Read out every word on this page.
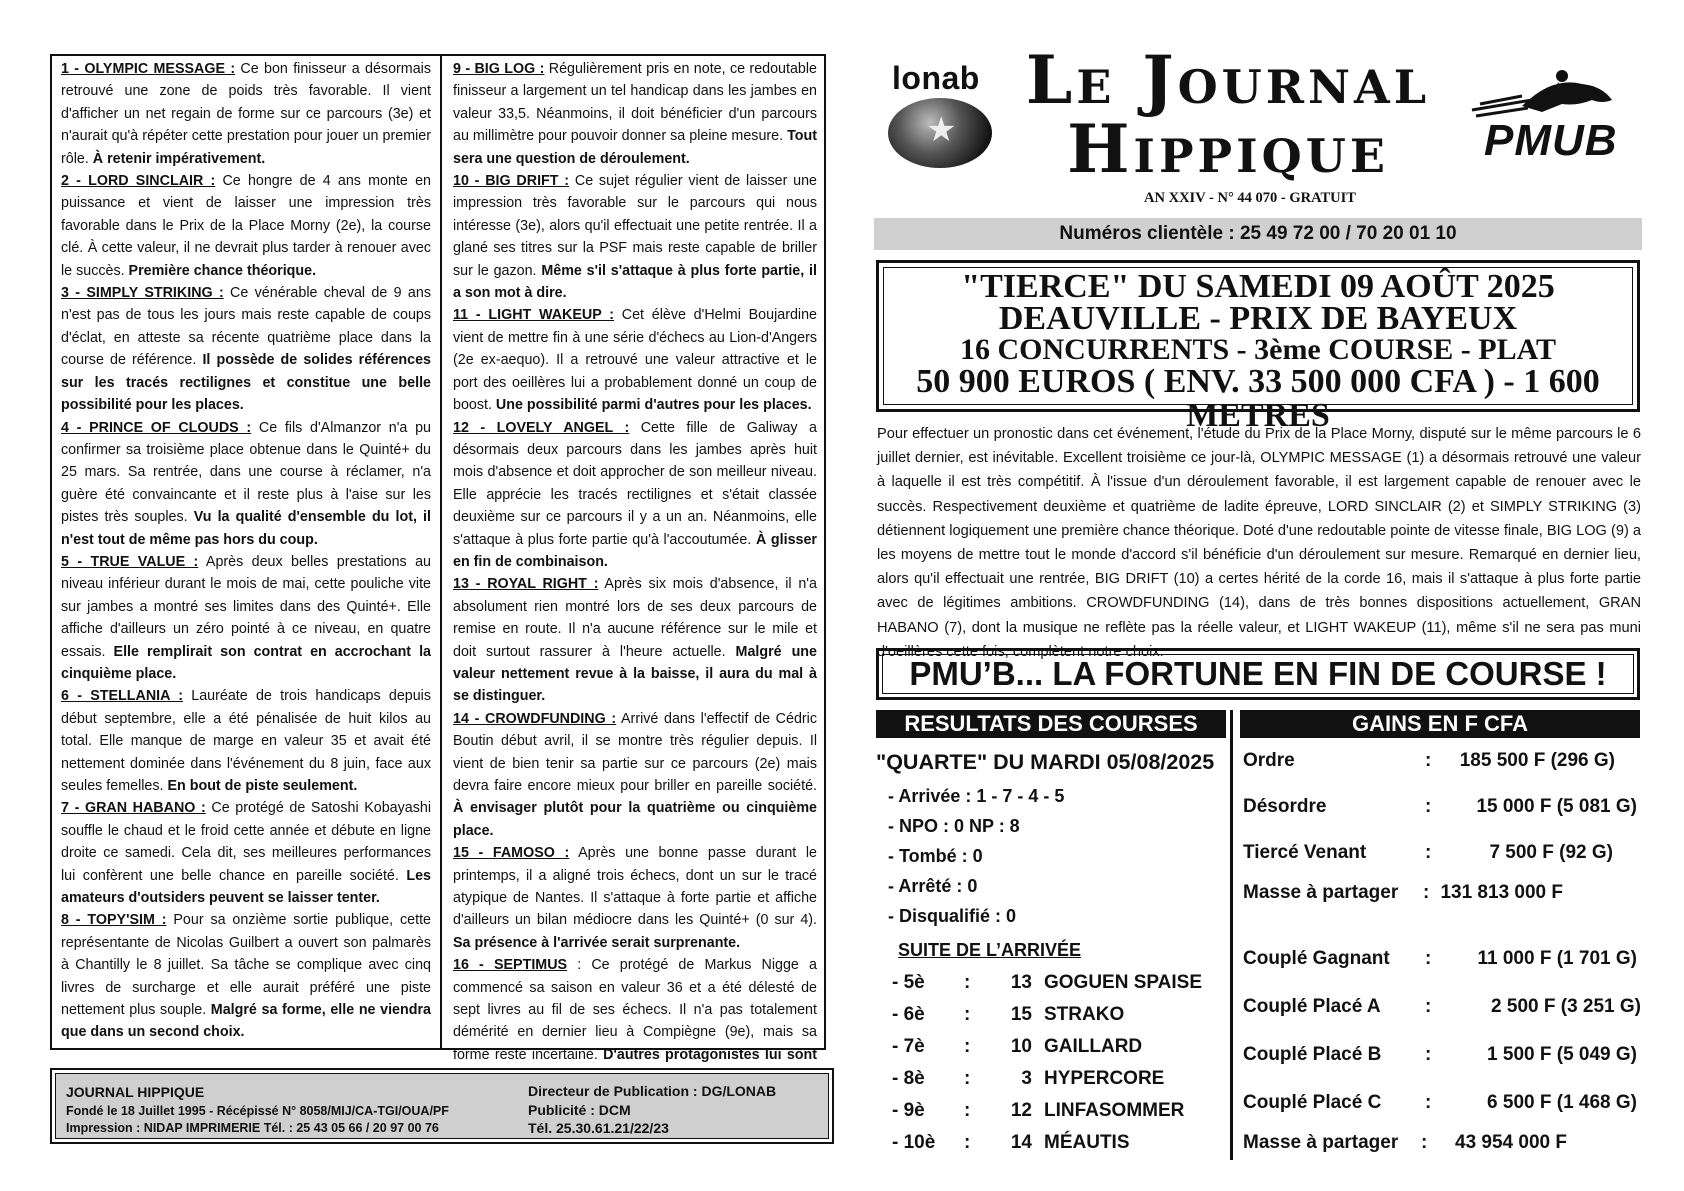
1 - OLYMPIC MESSAGE : Ce bon finisseur a désormais retrouvé une zone de poids très favorable. Il vient d'afficher un net regain de forme sur ce parcours (3e) et n'aurait qu'à répéter cette prestation pour jouer un premier rôle. À retenir impérativement.

2 - LORD SINCLAIR : Ce hongre de 4 ans monte en puissance et vient de laisser une impression très favorable dans le Prix de la Place Morny (2e), la course clé. À cette valeur, il ne devrait plus tarder à renouer avec le succès. Première chance théorique.

3 - SIMPLY STRIKING : Ce vénérable cheval de 9 ans n'est pas de tous les jours mais reste capable de coups d'éclat, en atteste sa récente quatrième place dans la course de référence. Il possède de solides références sur les tracés rectilignes et constitue une belle possibilité pour les places.

4 - PRINCE OF CLOUDS : Ce fils d'Almanzor n'a pu confirmer sa troisième place obtenue dans le Quinté+ du 25 mars. Sa rentrée, dans une course à réclamer, n'a guère été convaincante et il reste plus à l'aise sur les pistes très souples. Vu la qualité d'ensemble du lot, il n'est tout de même pas hors du coup.

5 - TRUE VALUE : Après deux belles prestations au niveau inférieur durant le mois de mai, cette pouliche vite sur jambes a montré ses limites dans des Quinté+. Elle affiche d'ailleurs un zéro pointé à ce niveau, en quatre essais. Elle remplirait son contrat en accrochant la cinquième place.

6 - STELLANIA : Lauréate de trois handicaps depuis début septembre, elle a été pénalisée de huit kilos au total. Elle manque de marge en valeur 35 et avait été nettement dominée dans l'événement du 8 juin, face aux seules femelles. En bout de piste seulement.

7 - GRAN HABANO : Ce protégé de Satoshi Kobayashi souffle le chaud et le froid cette année et débute en ligne droite ce samedi. Cela dit, ses meilleures performances lui confèrent une belle chance en pareille société. Les amateurs d'outsiders peuvent se laisser tenter.

8 - TOPY'SIM : Pour sa onzième sortie publique, cette représentante de Nicolas Guilbert a ouvert son palmarès à Chantilly le 8 juillet. Sa tâche se complique avec cinq livres de surcharge et elle aurait préféré une piste nettement plus souple. Malgré sa forme, elle ne viendra que dans un second choix.

9 - BIG LOG : Régulièrement pris en note, ce redoutable finisseur a largement un tel handicap dans les jambes en valeur 33,5. Néanmoins, il doit bénéficier d'un parcours au millimètre pour pouvoir donner sa pleine mesure. Tout sera une question de déroulement.

10 - BIG DRIFT : Ce sujet régulier vient de laisser une impression très favorable sur le parcours qui nous intéresse (3e), alors qu'il effectuait une petite rentrée. Il a glané ses titres sur la PSF mais reste capable de briller sur le gazon. Même s'il s'attaque à plus forte partie, il a son mot à dire.

11 - LIGHT WAKEUP : Cet élève d'Helmi Boujardine vient de mettre fin à une série d'échecs au Lion-d'Angers (2e ex-aequo). Il a retrouvé une valeur attractive et le port des oeillères lui a probablement donné un coup de boost. Une possibilité parmi d'autres pour les places.

12 - LOVELY ANGEL : Cette fille de Galiway a désormais deux parcours dans les jambes après huit mois d'absence et doit approcher de son meilleur niveau. Elle apprécie les tracés rectilignes et s'était classée deuxième sur ce parcours il y a un an. Néanmoins, elle s'attaque à plus forte partie qu'à l'accoutumée. À glisser en fin de combinaison.

13 - ROYAL RIGHT : Après six mois d'absence, il n'a absolument rien montré lors de ses deux parcours de remise en route. Il n'a aucune référence sur le mile et doit surtout rassurer à l'heure actuelle. Malgré une valeur nettement revue à la baisse, il aura du mal à se distinguer.

14 - CROWDFUNDING : Arrivé dans l'effectif de Cédric Boutin début avril, il se montre très régulier depuis. Il vient de bien tenir sa partie sur ce parcours (2e) mais devra faire encore mieux pour briller en pareille société. À envisager plutôt pour la quatrième ou cinquième place.

15 - FAMOSO : Après une bonne passe durant le printemps, il a aligné trois échecs, dont un sur le tracé atypique de Nantes. Il s'attaque à forte partie et affiche d'ailleurs un bilan médiocre dans les Quinté+ (0 sur 4). Sa présence à l'arrivée serait surprenante.

16 - SEPTIMUS : Ce protégé de Markus Nigge a commencé sa saison en valeur 36 et a été délesté de sept livres au fil de ses échecs. Il n'a pas totalement démérité en dernier lieu à Compiègne (9e), mais sa forme reste incertaine. D'autres protagonistes lui sont

JOURNAL HIPPIQUE
Fondé le 18 Juillet 1995 - Récépissé N° 8058/MIJ/CA-TGI/OUA/PF
Impression : NIDAP IMPRIMERIE Tél. : 25 43 05 66 / 20 97 00 76
Directeur de Publication : DG/LONAB
Publicité : DCM
Tél. 25.30.61.21/22/23
lonab
★
Le Journal
Hippique	PMUB
AN XXIV - N° 44 070 - GRATUIT
Numéros clientèle : 25 49 72 00 / 70 20 01 10
"TIERCE" DU SAMEDI 09 AOÛT 2025
DEAUVILLE - PRIX DE BAYEUX
16 CONCURRENTS - 3ème COURSE - PLAT
50 900 EUROS ( ENV. 33 500 000 CFA ) - 1 600 METRES
Pour effectuer un pronostic dans cet événement, l'étude du Prix de la Place Morny, disputé sur le même parcours le 6 juillet dernier, est inévitable. Excellent troisième ce jour-là, OLYMPIC MESSAGE (1) a désormais retrouvé une valeur à laquelle il est très compétitif. À l'issue d'un déroulement favorable, il est largement capable de renouer avec le succès. Respectivement deuxième et quatrième de ladite épreuve, LORD SINCLAIR (2) et SIMPLY STRIKING (3) détiennent logiquement une première chance théorique. Doté d'une redoutable pointe de vitesse finale, BIG LOG (9) a les moyens de mettre tout le monde d'accord s'il bénéficie d'un déroulement sur mesure. Remarqué en dernier lieu, alors qu'il effectuait une rentrée, BIG DRIFT (10) a certes hérité de la corde 16, mais il s'attaque à plus forte partie avec de légitimes ambitions. CROWDFUNDING (14), dans de très bonnes dispositions actuellement, GRAN HABANO (7), dont la musique ne reflète pas la réelle valeur, et LIGHT WAKEUP (11), même s'il ne sera pas muni d'oeillères cette fois, complètent notre choix.
PMU’B... LA FORTUNE EN FIN DE COURSE !
RESULTATS DES COURSES	GAINS EN F CFA
"QUARTE" DU MARDI 05/08/2025
- Arrivée : 1 - 7 - 4 - 5
- NPO : 0 NP : 8
- Tombé : 0
- Arrêté : 0
- Disqualifié : 0
SUITE DE L’ARRIVÉE
- 5è	:	13 GOGUEN SPAISE
- 6è	:	15 STRAKO
- 7è	:	10 GAILLARD
- 8è	:	3 HYPERCORE
- 9è	:	12 LINFASOMMER
- 10è	:	14 MÉAUTIS
Ordre	: 185 500 F (296 G)
Désordre	: 15 000 F (5 081 G)
Tiercé Venant	:	7 500 F (92 G)
Masse à partager : 131 813 000 F
Couplé Gagnant : 11 000 F (1 701 G)
Couplé Placé A :	2 500 F (3 251 G)
Couplé Placé B :	1 500 F (5 049 G)
Couplé Placé C :	6 500 F (1 468 G)
Masse à partager : 43 954 000 F
